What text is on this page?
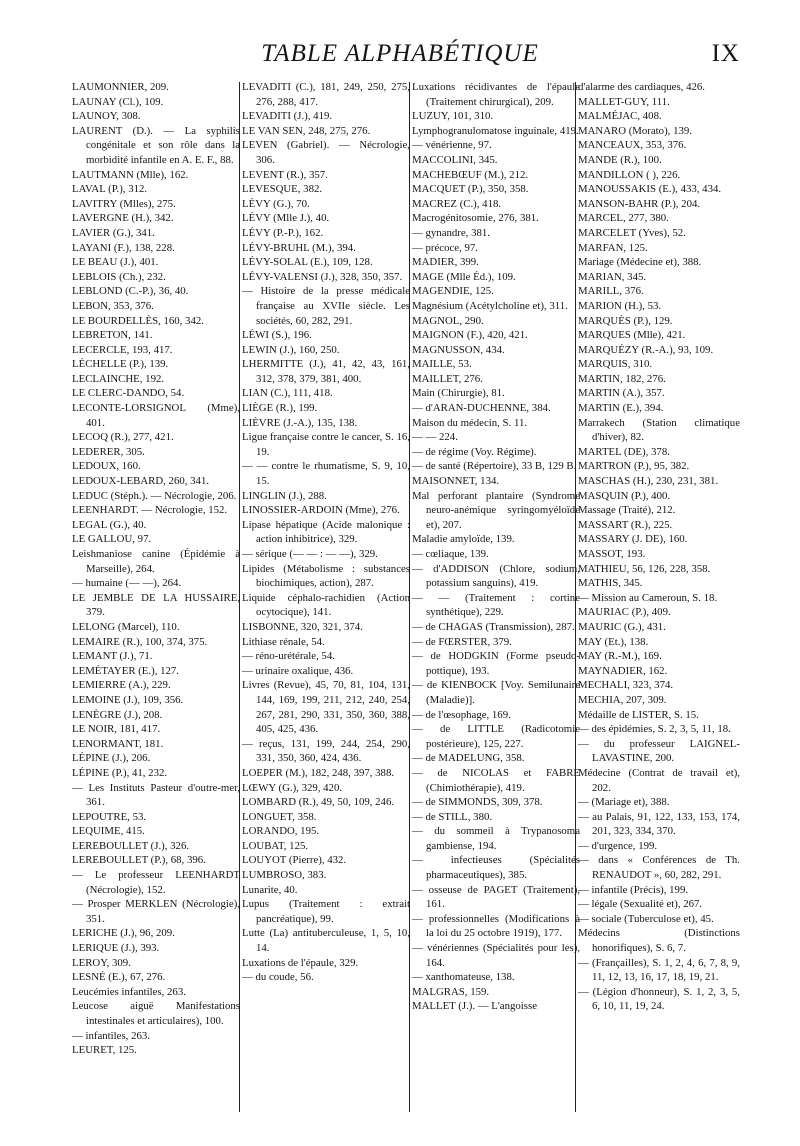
TABLE ALPHABÉTIQUE	IX
LAUMONNIER, 209.
LAUNAY (Cl.), 109.
LAUNOY, 308.
LAURENT (D.). — La syphilis congénitale et son rôle dans la morbidité infantile en A. E. F., 88.
LAUTMANN (Mlle), 162.
LAVAL (P.), 312.
LAVITRY (Mlles), 275.
LAVERGNE (H.), 342.
LAVIER (G.), 341.
LAYANI (F.), 138, 228.
LE BEAU (J.), 401.
LEBLOIS (Ch.), 232.
LEBLOND (C.-P.), 36, 40.
LEBON, 353, 376.
LE BOURDELLÈS, 160, 342.
LEBRETON, 141.
LECERCLE, 193, 417.
LÉCHELLE (P.), 139.
LECLAINCHE, 192.
LE CLERC-DANDO, 54.
LECONTE-LORSIGNOL (Mme), 401.
LECOQ (R.), 277, 421.
LEDERER, 305.
LEDOUX, 160.
LEDOUX-LEBARD, 260, 341.
LEDUC (Stéph.). — Nécrologie, 206.
LEENHARDT. — Nécrologie, 152.
LEGAL (G.), 40.
LE GALLOU, 97.
Leishmaniose canine (Épidémie à Marseille), 264.
— humaine (— —), 264.
LE JEMBLE DE LA HUSSAIRE, 379.
LELONG (Marcel), 110.
LEMAIRE (R.), 100, 374, 375.
LEMANT (J.), 71.
LEMÉTAYER (E.), 127.
LEMIERRE (A.), 229.
LEMOINE (J.), 109, 356.
LENÈGRE (J.), 208.
LE NOIR, 181, 417.
LENORMANT, 181.
LÉPINE (J.), 206.
LÉPINE (P.), 41, 232.
— Les Instituts Pasteur d'outre-mer, 361.
LEPOUTRE, 53.
LEQUIME, 415.
LEREBOULLET (J.), 326.
LEREBOULLET (P.), 68, 396.
— Le professeur LEENHARDT (Nécrologie), 152.
— Prosper MERKLEN (Nécrologie), 351.
LERICHE (J.), 96, 209.
LERIQUE (J.), 393.
LEROY, 309.
LESNÉ (E.), 67, 276.
Leucémies infantiles, 263.
Leucose aiguë Manifestations intestinales et articulaires), 100.
— infantiles, 263.
LEURET, 125.
LEVADITI (C.), 181, 249, 250, 275, 276, 288, 417.
LEVADITI (J.), 419.
LE VAN SEN, 248, 275, 276.
LEVEN (Gabriel). — Nécrologie, 306.
LEVENT (R.), 357.
LEVESQUE, 382.
LÉVY (G.), 70.
LÉVY (Mlle J.), 40.
LÉVY (P.-P.), 162.
LÉVY-BRUHL (M.), 394.
LÉVY-SOLAL (E.), 109, 128.
LÉVY-VALENSI (J.), 328, 350, 357.
— Histoire de la presse médicale française au XVIIe siècle. Les sociétés, 60, 282, 291.
LÉWI (S.), 196.
LEWIN (J.), 160, 250.
LHERMITTE (J.), 41, 42, 43, 161, 312, 378, 379, 381, 400.
LIAN (C.), 111, 418.
LIÈGE (R.), 199.
LIÈVRE (J.-A.), 135, 138.
Ligue française contre le cancer, S. 16, 19.
— — contre le rhumatisme, S. 9, 10, 15.
LINGLIN (J.), 288.
LINOSSIER-ARDOIN (Mme), 276.
Lipase hépatique (Acide malonique : action inhibitrice), 329.
— sérique (— — : — —), 329.
Lipides (Métabolisme : substances biochimiques, action), 287.
Liquide céphalo-rachidien (Action ocytocique), 141.
LISBONNE, 320, 321, 374.
Lithiase rénale, 54.
— réno-urétérale, 54.
— urinaire oxalique, 436.
Livres (Revue), 45, 70, 81, 104, 131, 144, 169, 199, 211, 212, 240, 254, 267, 281, 290, 331, 350, 360, 388, 405, 425, 436.
— reçus, 131, 199, 244, 254, 290, 331, 350, 360, 424, 436.
LOEPER (M.), 182, 248, 397, 388.
LŒWY (G.), 329, 420.
LOMBARD (R.), 49, 50, 109, 246.
LONGUET, 358.
LORANDO, 195.
LOUBAT, 125.
LOUYOT (Pierre), 432.
LUMBROSO, 383.
Lunarite, 40.
Lupus (Traitement : extrait pancréatique), 99.
Lutte (La) antituberculeuse, 1, 5, 10, 14.
Luxations de l'épaule, 329.
— du coude, 56.
Luxations récidivantes de l'épaule (Traitement chirurgical), 209.
LUZUY, 101, 310.
Lymphogranulomatose inguinale, 419.
— vénérienne, 97.
MACCOLINI, 345.
MACHEBŒUF (M.), 212.
MACQUET (P.), 350, 358.
MACREZ (C.), 418.
Macrogénitosomie, 276, 381.
— gynandre, 381.
— précoce, 97.
MADIER, 399.
MAGE (Mlle Éd.), 109.
MAGENDIE, 125.
Magnésium (Acétylcholine et), 311.
MAGNOL, 290.
MAIGNON (F.), 420, 421.
MAGNUSSON, 434.
MAILLE, 53.
MAILLET, 276.
Main (Chirurgie), 81.
— d'ARAN-DUCHENNE, 384.
Maison du médecin, S. 11.
— — 224.
— de régime (Voy. Régime).
— de santé (Répertoire), 33 B, 129 B.
MAISONNET, 134.
Mal perforant plantaire (Syndrome neuro-anémique syringomyéloïde et), 207.
Maladie amyloïde, 139.
— cœliaque, 139.
— d'ADDISON (Chlore, sodium, potassium sanguins), 419.
— — (Traitement : cortine synthétique), 229.
— de CHAGAS (Transmission), 287.
— de FŒRSTER, 379.
— de HODGKIN (Forme pseudo-pottique), 193.
— de KIENBOCK [Voy. Semilunaire (Maladie)].
— de l'œsophage, 169.
— de LITTLE (Radicotomie postérieure), 125, 227.
— de MADELUNG, 358.
— de NICOLAS et FABRE (Chimiothérapie), 419.
— de SIMMONDS, 309, 378.
— de STILL, 380.
— du sommeil à Trypanosoma gambiense, 194.
— infectieuses (Spécialités pharmaceutiques), 385.
— osseuse de PAGET (Traitement), 161.
— professionnelles (Modifications à la loi du 25 octobre 1919), 177.
— vénériennes (Spécialités pour les), 164.
— xanthomateuse, 138.
MALGRAS, 159.
MALLET (J.). — L'angoisse
d'alarme des cardiaques, 426.
MALLET-GUY, 111.
MALMÉJAC, 408.
MANARO (Morato), 139.
MANCEAUX, 353, 376.
MANDE (R.), 100.
MANDILLON ( ), 226.
MANOUSSAKIS (E.), 433, 434.
MANSON-BAHR (P.), 204.
MARCEL, 277, 380.
MARCELET (Yves), 52.
MARFAN, 125.
Mariage (Médecine et), 388.
MARIAN, 345.
MARILL, 376.
MARION (H.), 53.
MARQUÈS (P.), 129.
MARQUES (Mlle), 421.
MARQUÉZY (R.-A.), 93, 109.
MARQUIS, 310.
MARTIN, 182, 276.
MARTIN (A.), 357.
MARTIN (E.), 394.
Marrakech (Station climatique d'hiver), 82.
MARTEL (DE), 378.
MARTRON (P.), 95, 382.
MASCHAS (H.), 230, 231, 381.
MASQUIN (P.), 400.
Massage (Traité), 212.
MASSART (R.), 225.
MASSARY (J. DE), 160.
MASSOT, 193.
MATHIEU, 56, 126, 228, 358.
MATHIS, 345.
— Mission au Cameroun, S. 18.
MAURIAC (P.), 409.
MAURIC (G.), 431.
MAY (Et.), 138.
MAY (R.-M.), 169.
MAYNADIER, 162.
MECHALI, 323, 374.
MECHIA, 207, 309.
Médaille de LISTER, S. 15.
— des épidémies, S. 2, 3, 5, 11, 18.
— du professeur LAIGNEL-LAVASTINE, 200.
Médecine (Contrat de travail et), 202.
— (Mariage et), 388.
— au Palais, 91, 122, 133, 153, 174, 201, 323, 334, 370.
— d'urgence, 199.
— dans « Conférences de Th. RENAUDOT », 60, 282, 291.
— infantile (Précis), 199.
— légale (Sexualité et), 267.
— sociale (Tuberculose et), 45.
Médecins (Distinctions honorifiques), S. 6, 7.
— (Françailles), S. 1, 2, 4, 6, 7, 8, 9, 11, 12, 13, 16, 17, 18, 19, 21.
— (Légion d'honneur), S. 1, 2, 3, 5, 6, 10, 11, 19, 24.
